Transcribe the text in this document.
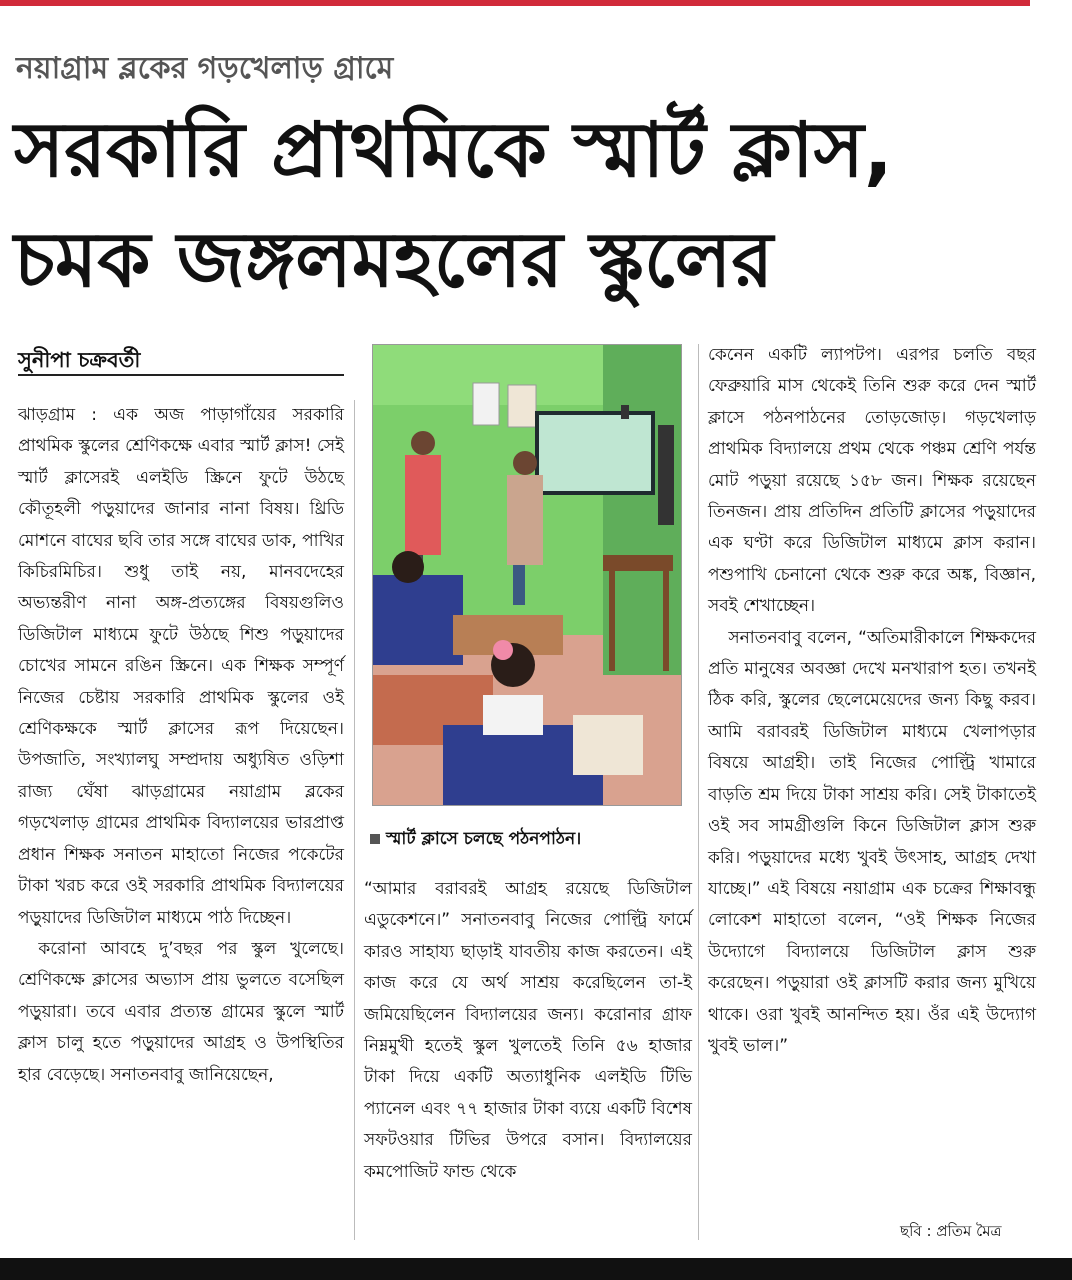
নয়াগ্রাম ব্লকের গড়খেলাড় গ্রামে
সরকারি প্রাথমিকে স্মার্ট ক্লাস,
চমক জঙ্গলমহলের স্কুলের
সুনীপা চক্রবর্তী

ঝাড়গ্রাম : এক অজ পাড়াগাঁয়ের সরকারি প্রাথমিক স্কুলের শ্রেণিকক্ষে এবার স্মার্ট ক্লাস! সেই স্মার্ট ক্লাসেরই এলইডি স্ক্রিনে ফুটে উঠছে কৌতূহলী পড়ুয়াদের জানার নানা বিষয়। থ্রিডি মোশনে বাঘের ছবি তার সঙ্গে বাঘের ডাক, পাখির কিচিরমিচির। শুধু তাই নয়, মানবদেহের অভ্যন্তরীণ নানা অঙ্গ-প্রত্যঙ্গের বিষয়গুলিও ডিজিটাল মাধ্যমে ফুটে উঠছে শিশু পড়ুয়াদের চোখের সামনে রঙিন স্ক্রিনে। এক শিক্ষক সম্পূর্ণ নিজের চেষ্টায় সরকারি প্রাথমিক স্কুলের ওই শ্রেণিকক্ষকে স্মার্ট ক্লাসের রূপ দিয়েছেন। উপজাতি, সংখ্যালঘু সম্প্রদায় অধ্যুষিত ওড়িশা রাজ্য ঘেঁষা ঝাড়গ্রামের নয়াগ্রাম ব্লকের গড়খেলাড় গ্রামের প্রাথমিক বিদ্যালয়ের ভারপ্রাপ্ত প্রধান শিক্ষক সনাতন মাহাতো নিজের পকেটের টাকা খরচ করে ওই সরকারি প্রাথমিক বিদ্যালয়ের পড়ুয়াদের ডিজিটাল মাধ্যমে পাঠ দিচ্ছেন।

করোনা আবহে দু’বছর পর স্কুল খুলেছে। শ্রেণিকক্ষে ক্লাসের অভ্যাস প্রায় ভুলতে বসেছিল পড়ুয়ারা। তবে এবার প্রত্যন্ত গ্রামের স্কুলে স্মার্ট ক্লাস চালু হতে পড়ুয়াদের আগ্রহ ও উপস্থিতির হার বেড়েছে। সনাতনবাবু জানিয়েছেন,

স্মার্ট ক্লাসে চলছে পঠনপাঠন।

“আমার বরাবরই আগ্রহ রয়েছে ডিজিটাল এডুকেশনে।” সনাতনবাবু নিজের পোল্ট্রি ফার্মে কারও সাহায্য ছাড়াই যাবতীয় কাজ করতেন। এই কাজ করে যে অর্থ সাশ্রয় করেছিলেন তা-ই জমিয়েছিলেন বিদ্যালয়ের জন্য। করোনার গ্রাফ নিম্নমুখী হতেই স্কুল খুলতেই তিনি ৫৬ হাজার টাকা দিয়ে একটি অত্যাধুনিক এলইডি টিভি প্যানেল এবং ৭৭ হাজার টাকা ব্যয়ে একটি বিশেষ সফটওয়ার টিভির উপরে বসান। বিদ্যালয়ের কমপোজিট ফান্ড থেকে

কেনেন একটি ল্যাপটপ। এরপর চলতি বছর ফেব্রুয়ারি মাস থেকেই তিনি শুরু করে দেন স্মার্ট ক্লাসে পঠনপাঠনের তোড়জোড়। গড়খেলাড় প্রাথমিক বিদ্যালয়ে প্রথম থেকে পঞ্চম শ্রেণি পর্যন্ত মোট পড়ুয়া রয়েছে ১৫৮ জন। শিক্ষক রয়েছেন তিনজন। প্রায় প্রতিদিন প্রতিটি ক্লাসের পড়ুয়াদের এক ঘণ্টা করে ডিজিটাল মাধ্যমে ক্লাস করান। পশুপাখি চেনানো থেকে শুরু করে অঙ্ক, বিজ্ঞান, সবই শেখাচ্ছেন।

সনাতনবাবু বলেন, “অতিমারীকালে শিক্ষকদের প্রতি মানুষের অবজ্ঞা দেখে মনখারাপ হত। তখনই ঠিক করি, স্কুলের ছেলেমেয়েদের জন্য কিছু করব। আমি বরাবরই ডিজিটাল মাধ্যমে খেলাপড়ার বিষয়ে আগ্রহী। তাই নিজের পোল্ট্রি খামারে বাড়তি শ্রম দিয়ে টাকা সাশ্রয় করি। সেই টাকাতেই ওই সব সামগ্রীগুলি কিনে ডিজিটাল ক্লাস শুরু করি। পড়ুয়াদের মধ্যে খুবই উৎসাহ, আগ্রহ দেখা যাচ্ছে।” এই বিষয়ে নয়াগ্রাম এক চক্রের শিক্ষাবন্ধু লোকেশ মাহাতো বলেন, “ওই শিক্ষক নিজের উদ্যোগে বিদ্যালয়ে ডিজিটাল ক্লাস শুরু করেছেন। পড়ুয়ারা ওই ক্লাসটি করার জন্য মুখিয়ে থাকে। ওরা খুবই আনন্দিত হয়। ওঁর এই উদ্যোগ খুবই ভাল।”

ছবি : প্রতিম মৈত্র
